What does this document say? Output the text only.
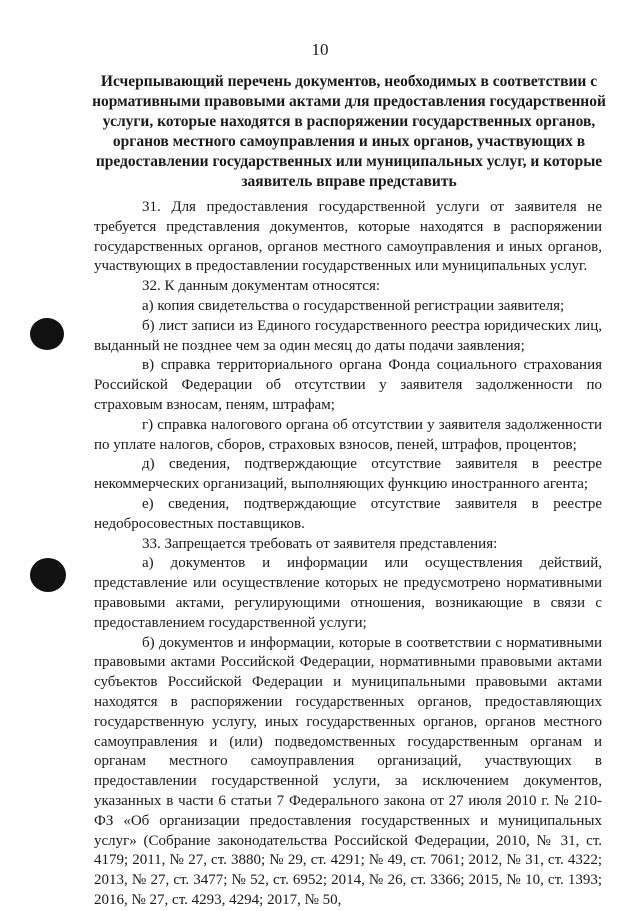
10
Исчерпывающий перечень документов, необходимых в соответствии с нормативными правовыми актами для предоставления государственной услуги, которые находятся в распоряжении государственных органов, органов местного самоуправления и иных органов, участвующих в предоставлении государственных или муниципальных услуг, и которые заявитель вправе представить

31. Для предоставления государственной услуги от заявителя не требуется представления документов, которые находятся в распоряжении государственных органов, органов местного самоуправления и иных органов, участвующих в предоставлении государственных или муниципальных услуг.

32. К данным документам относятся:

а) копия свидетельства о государственной регистрации заявителя;

б) лист записи из Единого государственного реестра юридических лиц, выданный не позднее чем за один месяц до даты подачи заявления;

в) справка территориального органа Фонда социального страхования Российской Федерации об отсутствии у заявителя задолженности по страховым взносам, пеням, штрафам;

г) справка налогового органа об отсутствии у заявителя задолженности по уплате налогов, сборов, страховых взносов, пеней, штрафов, процентов;

д) сведения, подтверждающие отсутствие заявителя в реестре некоммерческих организаций, выполняющих функцию иностранного агента;

е) сведения, подтверждающие отсутствие заявителя в реестре недобросовестных поставщиков.

33. Запрещается требовать от заявителя представления:

а) документов и информации или осуществления действий, представление или осуществление которых не предусмотрено нормативными правовыми актами, регулирующими отношения, возникающие в связи с предоставлением государственной услуги;

б) документов и информации, которые в соответствии с нормативными правовыми актами Российской Федерации, нормативными правовыми актами субъектов Российской Федерации и муниципальными правовыми актами находятся в распоряжении государственных органов, предоставляющих государственную услугу, иных государственных органов, органов местного самоуправления и (или) подведомственных государственным органам и органам местного самоуправления организаций, участвующих в предоставлении государственной услуги, за исключением документов, указанных в части 6 статьи 7 Федерального закона от 27 июля 2010 г. № 210-ФЗ «Об организации предоставления государственных и муниципальных услуг» (Собрание законодательства Российской Федерации, 2010, № 31, ст. 4179; 2011, № 27, ст. 3880; № 29, ст. 4291; № 49, ст. 7061; 2012, № 31, ст. 4322; 2013, № 27, ст. 3477; № 52, ст. 6952; 2014, № 26, ст. 3366; 2015, № 10, ст. 1393; 2016, № 27, ст. 4293, 4294; 2017, № 50,
